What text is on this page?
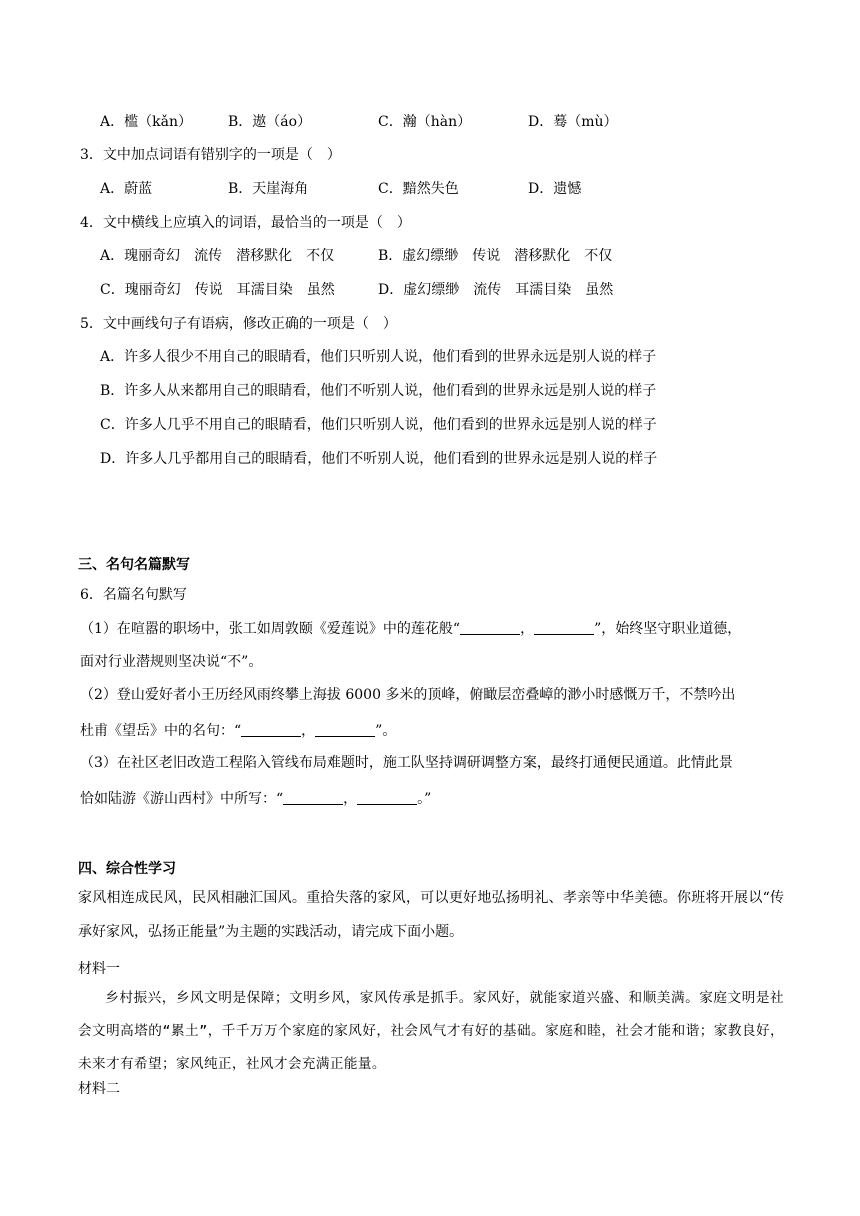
A．槛（kǎn）	B．遨（áo）	C．瀚（hàn）	D．蓦（mù）
3．文中加点词语有错别字的一项是（　）
A．蔚蓝	B．天崖海角	C．黯然失色	D．遗憾
4．文中横线上应填入的词语，最恰当的一项是（　）
A．瑰丽奇幻　流传　潜移默化　不仅	B．虚幻缥缈　传说　潜移默化　不仅
C．瑰丽奇幻　传说　耳濡目染　虽然	D．虚幻缥缈　流传　耳濡目染　虽然
5．文中画线句子有语病，修改正确的一项是（　）
A．许多人很少不用自己的眼睛看，他们只听别人说，他们看到的世界永远是别人说的样子
B．许多人从来都用自己的眼睛看，他们不听别人说，他们看到的世界永远是别人说的样子
C．许多人几乎不用自己的眼睛看，他们只听别人说，他们看到的世界永远是别人说的样子
D．许多人几乎都用自己的眼睛看，他们不听别人说，他们看到的世界永远是别人说的样子
三、名句名篇默写
6．名篇名句默写
（1）在喧嚣的职场中，张工如周敦颐《爱莲说》中的莲花般“	，	”，始终坚守职业道德，
面对行业潜规则坚决说“不”。
（2）登山爱好者小王历经风雨终攀上海拔 6000 多米的顶峰，俯瞰层峦叠嶂的渺小时感慨万千，不禁吟出
杜甫《望岳》中的名句：“	，	”。
（3）在社区老旧改造工程陷入管线布局难题时，施工队坚持调研调整方案，最终打通便民通道。此情此景
恰如陆游《游山西村》中所写：“	，	。”
四、综合性学习
家风相连成民风，民风相融汇国风。重拾失落的家风，可以更好地弘扬明礼、孝亲等中华美德。你班将开展以“传承好家风，弘扬正能量”为主题的实践活动，请完成下面小题。
材料一
乡村振兴，乡风文明是保障；文明乡风，家风传承是抓手。家风好，就能家道兴盛、和顺美满。家庭文明是社会文明高塔的“累土”，千千万万个家庭的家风好，社会风气才有好的基础。家庭和睦，社会才能和谐；家教良好，未来才有希望；家风纯正，社风才会充满正能量。
材料二
